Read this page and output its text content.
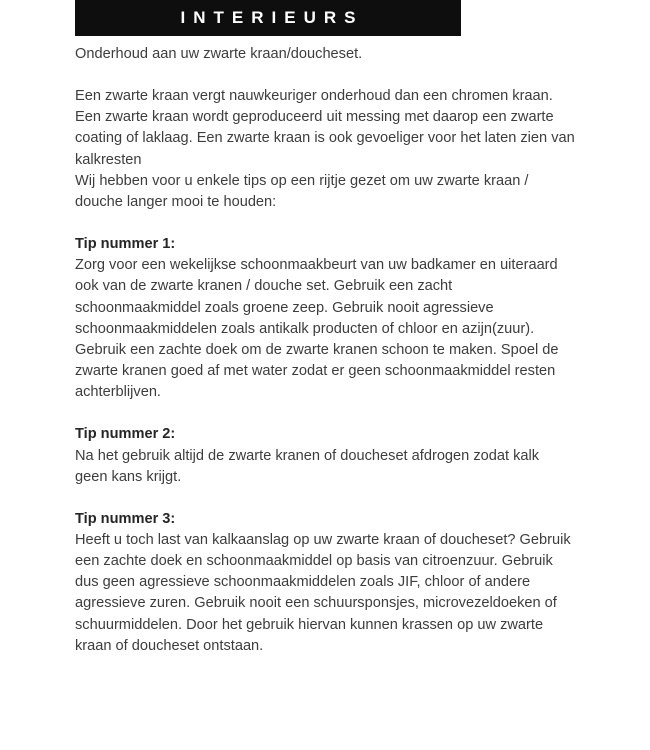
INTERIEURS

Onderhoud aan uw zwarte kraan/doucheset.

Een zwarte kraan vergt nauwkeuriger onderhoud dan een chromen kraan. Een zwarte kraan wordt geproduceerd uit messing met daarop een zwarte coating of laklaag. Een zwarte kraan is ook gevoeliger voor het laten zien van kalkresten

Wij hebben voor u enkele tips op een rijtje gezet om uw zwarte kraan / douche langer mooi te houden:

Tip nummer 1:

Zorg voor een wekelijkse schoonmaakbeurt van uw badkamer en uiteraard ook van de zwarte kranen / douche set. Gebruik een zacht schoonmaakmiddel zoals groene zeep. Gebruik nooit agressieve schoonmaakmiddelen zoals antikalk producten of chloor en azijn(zuur).

Gebruik een zachte doek om de zwarte kranen schoon te maken. Spoel de zwarte kranen goed af met water zodat er geen schoonmaakmiddel resten achterblijven.

Tip nummer 2:

Na het gebruik altijd de zwarte kranen of doucheset afdrogen zodat kalk geen kans krijgt.

Tip nummer 3:

Heeft u toch last van kalkaanslag op uw zwarte kraan of doucheset? Gebruik een zachte doek en schoonmaakmiddel op basis van citroenzuur. Gebruik dus geen agressieve schoonmaakmiddelen zoals JIF, chloor of andere agressieve zuren. Gebruik nooit een schuursponsjes, microvezeldoeken of schuurmiddelen. Door het gebruik hiervan kunnen krassen op uw zwarte kraan of doucheset ontstaan.
